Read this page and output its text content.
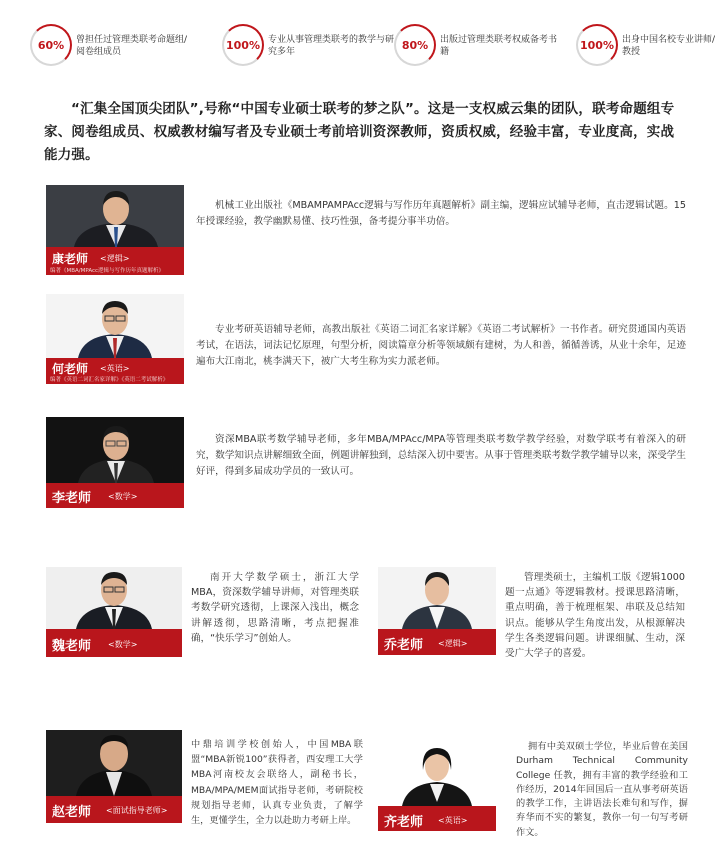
60%	曾担任过管理类联考命题组/阅卷组成员
100% 专业从事管理类联考的教学与研究多年
80%	出版过管理类联考权威备考书籍
100% 出身中国名校专业讲师/教授
“汇集全国顶尖团队”,号称“中国专业硕士联考的梦之队”。这是一支权威云集的团队，联考命题组专家、阅卷组成员、权威教材编写者及专业硕士考前培训资深教师，资质权威，经验丰富，专业度高，实战能力强。
康老师 <逻辑>
编著《MBA/MPAcc逻辑与写作历年真题解析》
机械工业出版社《MBAMPAMPAcc逻辑与写作历年真题解析》副主编，逻辑应试辅导老师，直击逻辑试题。15年授课经验，教学幽默易懂、技巧性强，备考提分事半功倍。
何老师 <英语>
编著《英语二词汇名家详解》《英语二考试解析》
专业考研英语辅导老师，高教出版社《英语二词汇名家详解》《英语二考试解析》一书作者。研究贯通国内英语考试，在语法，词法记忆原理，句型分析，阅读篇章分析等领域颇有建树，为人和善，循循善诱，从业十余年，足迹遍布大江南北，桃李满天下，被广大考生称为实力派老师。
李老师 <数学>
资深MBA联考数学辅导老师，多年MBA/MPAcc/MPA等管理类联考数学教学经验，对数学联考有着深入的研究，数学知识点讲解细致全面，例题讲解独到，总结深入切中要害。从事于管理类联考数学教学辅导以来，深受学生好评，得到多届成功学员的一致认可。
魏老师 <数学>
南开大学数学硕士，浙江大学MBA，资深数学辅导讲师，对管理类联考数学研究透彻，上课深入浅出，概念讲解透彻，思路清晰，考点把握准确，“快乐学习”创始人。	乔老师 <逻辑>
管理类硕士，主编机工版《逻辑1000题一点通》等逻辑教材。授课思路清晰，重点明确，善于梳理框架、串联及总结知识点。能够从学生角度出发，从根源解决学生各类逻辑问题。讲课细腻、生动，深受广大学子的喜爱。
赵老师 <面试指导老师>
中鼎培训学校创始人，中国MBA联盟“MBA新锐100”获得者，西安理工大学MBA河南校友会联络人，副秘书长，MBA/MPA/MEM面试指导老师，考研院校规划指导老师，认真专业负责，了解学生，更懂学生，全力以赴助力考研上岸。	齐老师 <英语>
拥有中美双硕士学位，毕业后曾在美国Durham Technical Community College 任教，拥有丰富的教学经验和工作经历，2014年回国后一直从事考研英语的教学工作，主讲语法长难句和写作，摒弃华而不实的繁复，教你一句一句写考研作文。
